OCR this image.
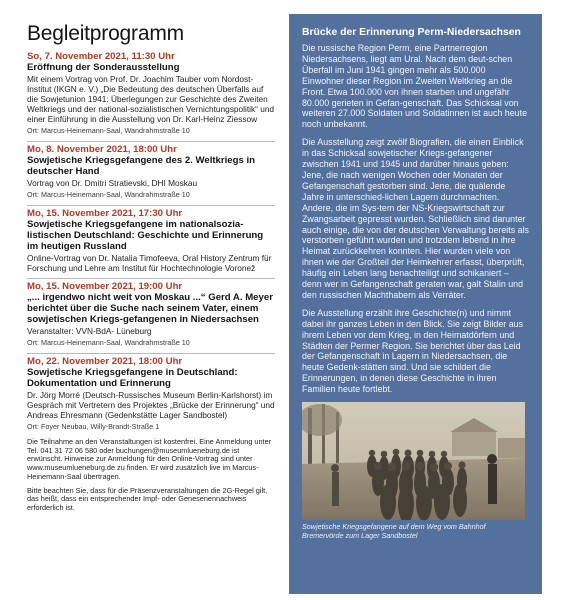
Begleitprogramm
So, 7. November 2021, 11:30 Uhr
Eröffnung der Sonderausstellung
Mit einem Vortrag von Prof. Dr. Joachim Tauber vom Nordost-Institut (IKGN e. V.) „Die Bedeutung des deutschen Überfalls auf die Sowjetunion 1941: Überlegungen zur Geschichte des Zweiten Weltkriegs und der national-sozialistischen Vernichtungspolitik“ und einer Einführung in die Ausstellung von Dr. Karl-Heinz Ziessow
Ort: Marcus-Heinemann-Saal, Wandrahmstraße 10
Mo, 8. November 2021, 18:00 Uhr
Sowjetische Kriegsgefangene des 2. Weltkriegs in deutscher Hand
Vortrag von Dr. Dmitri Stratievski, DHI Moskau
Ort: Marcus-Heinemann-Saal, Wandrahmstraße 10
Mo, 15. November 2021, 17:30 Uhr
Sowjetische Kriegsgefangene im nationalsozia-listischen Deutschland: Geschichte und Erinnerung im heutigen Russland
Online-Vortrag von Dr. Natalia Timofeeva, Oral History Zentrum für Forschung und Lehre am Institut für Hochtechnologie Voronež
Mo, 15. November 2021, 19:00 Uhr
„... irgendwo nicht weit von Moskau ...“ Gerd A. Meyer berichtet über die Suche nach seinem Vater, einem sowjetischen Kriegs-gefangenen in Niedersachsen
Veranstalter: VVN-BdA- Lüneburg
Ort: Marcus-Heinemann-Saal, Wandrahmstraße 10
Mo, 22. November 2021, 18:00 Uhr
Sowjetische Kriegsgefangene in Deutschland: Dokumentation und Erinnerung
Dr. Jörg Morré (Deutsch-Russisches Museum Berlin-Karlshorst) im Gespräch mit Vertretern des Projektes „Brücke der Erinnerung“ und Andreas Ehresmann (Gedenkstätte Lager Sandbostel)
Ort: Foyer Neubau, Willy-Brandt-Straße 1
Die Teilnahme an den Veranstaltungen ist kostenfrei. Eine Anmeldung unter Tel. 041 31 72 06 580 oder buchungen@museumlueneburg.de ist erwünscht. Hinweise zur Anmeldung für den Online-Vortrag sind unter www.museumlueneburg.de zu finden. Er wird zusätzlich live im Marcus-Heinemann-Saal übertragen.
Bitte beachten Sie, dass für die Präsenzveranstaltungen die 2G-Regel gilt, das heißt, dass ein entsprechender Impf- oder Genesenennachweis erforderlich ist.
Brücke der Erinnerung Perm-Niedersachsen

Die russische Region Perm, eine Partnerregion Niedersachsens, liegt am Ural. Nach dem deut-schen Überfall im Juni 1941 gingen mehr als 500.000 Einwohner dieser Region im Zweiten Weltkrieg an die Front. Etwa 100.000 von ihnen starben und ungefähr 80.000 gerieten in Gefan-genschaft. Das Schicksal von weiteren 27.000 Soldaten und Soldatinnen ist auch heute noch unbekannt.

Die Ausstellung zeigt zwölf Biografien, die einen Einblick in das Schicksal sowjetischer Kriegs-gefangener zwischen 1941 und 1945 und darüber hinaus geben: Jene, die nach wenigen Wochen oder Monaten der Gefangenschaft gestorben sind. Jene, die quälende Jahre in unterschied-lichen Lagern durchmachten. Andere, die im Sys-tem der NS-Kriegswirtschaft zur Zwangsarbeit gepresst wurden. Schließlich sind darunter auch einige, die von der deutschen Verwaltung bereits als verstorben geführt wurden und trotzdem lebend in ihre Heimat zurückkehren konnten. Hier wurden viele von ihnen wie der Großteil der Heimkehrer erfasst, überprüft, häufig ein Leben lang benachteiligt und schikaniert – denn wer in Gefangenschaft geraten war, galt Stalin und den russischen Machthabern als Verräter.

Die Ausstellung erzählt ihre Geschichte(n) und nimmt dabei ihr ganzes Leben in den Blick. Sie zeigt Bilder aus ihrem Leben vor dem Krieg, in den Heimatdörfern und Städten der Permer Region. Sie berichtet über das Leid der Gefangenschaft in Lagern in Niedersachsen, die heute Gedenk-stätten sind. Und sie schildert die Erinnerungen, in denen diese Geschichte in ihren Familien heute fortlebt.

Sowjetische Kriegsgefangene auf dem Weg vom Bahnhof Bremervörde zum Lager Sandbostel
